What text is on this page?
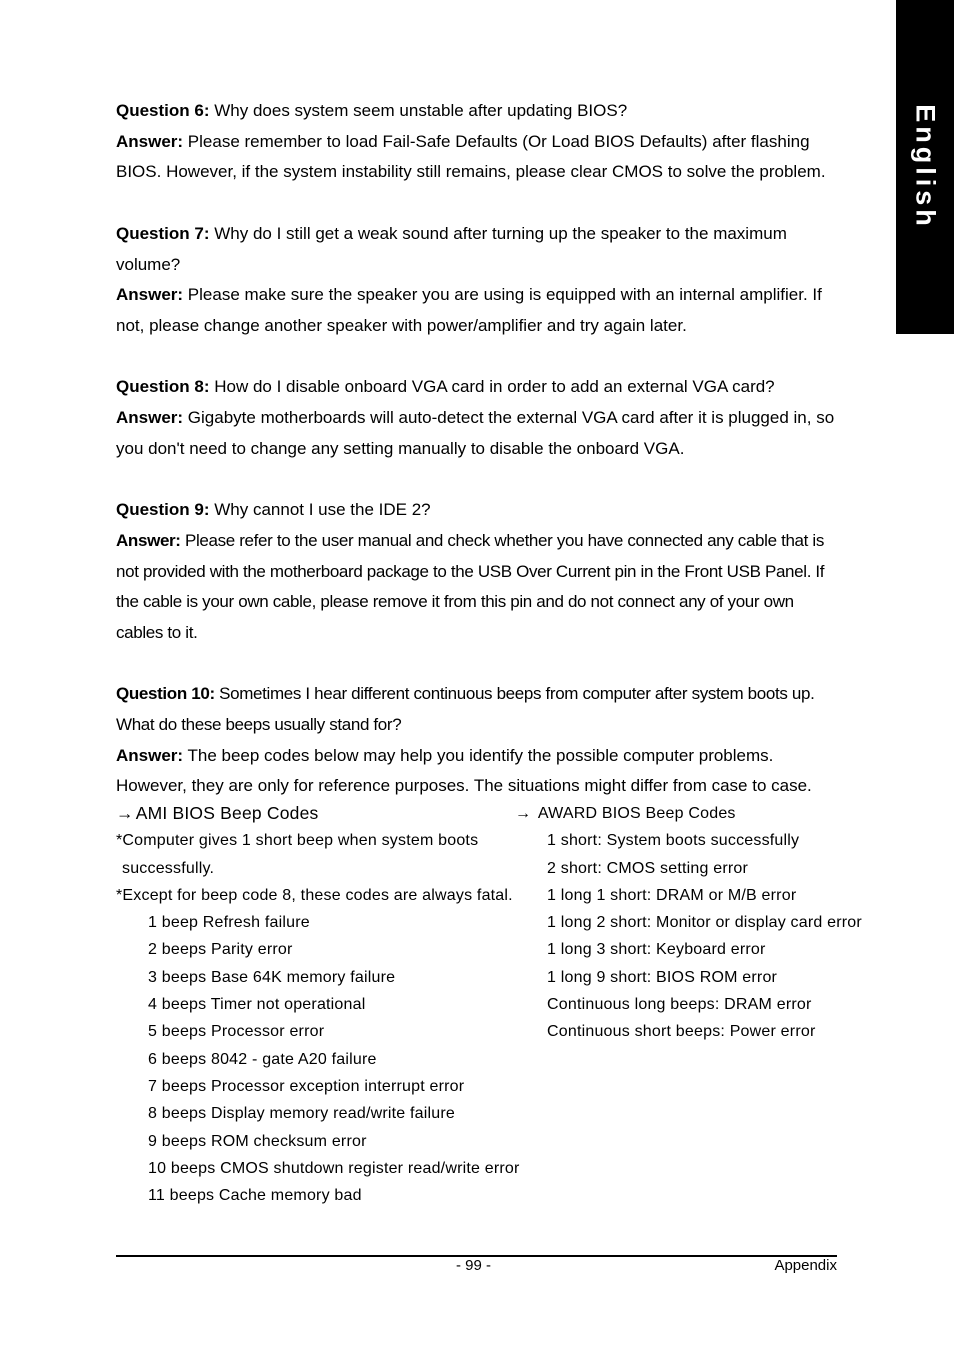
English

Question 6: Why does system seem unstable after updating BIOS?

Answer: Please remember to load Fail-Safe Defaults (Or Load BIOS Defaults) after flashing BIOS. However, if the system instability still remains, please clear CMOS to solve the problem.

Question 7: Why do I still get a weak sound after turning up the speaker to the maximum volume?

Answer: Please make sure the speaker you are using is equipped with an internal amplifier. If not, please change another speaker with power/amplifier and try again later.

Question 8: How do I disable onboard VGA card in order to add an external VGA card?

Answer: Gigabyte motherboards will auto-detect the external VGA card after it is plugged in, so you don't need to change any setting manually to disable the onboard VGA.

Question 9: Why cannot I use the IDE 2?

Answer: Please refer to the user manual and check whether you have connected any cable that is not provided with the motherboard package to the USB Over Current pin in the Front USB Panel. If the cable is your own cable, please remove it from this pin and do not connect any of your own cables to it.

Question 10: Sometimes I hear different continuous beeps from computer after system boots up. What do these beeps usually stand for?

Answer: The beep codes below may help you identify the possible computer problems. However, they are only for reference purposes. The situations might differ from case to case.

→ AMI BIOS Beep Codes
*Computer gives 1 short beep when system boots
successfully.
*Except for beep code 8, these codes are always fatal.
1 beep Refresh failure
2 beeps Parity error
3 beeps Base 64K memory failure
4 beeps Timer not operational
5 beeps Processor error
6 beeps 8042 - gate A20 failure
7 beeps Processor exception interrupt error
8 beeps Display memory read/write failure
9 beeps ROM checksum error
10 beeps CMOS shutdown register read/write error
11 beeps Cache memory bad
→ AWARD BIOS Beep Codes
1 short: System boots successfully
2 short: CMOS setting error
1 long 1 short: DRAM or M/B error
1 long 2 short: Monitor or display card error
1 long 3 short: Keyboard error
1 long 9 short: BIOS ROM error
Continuous long beeps: DRAM error
Continuous short beeps: Power error
- 99 -	Appendix
